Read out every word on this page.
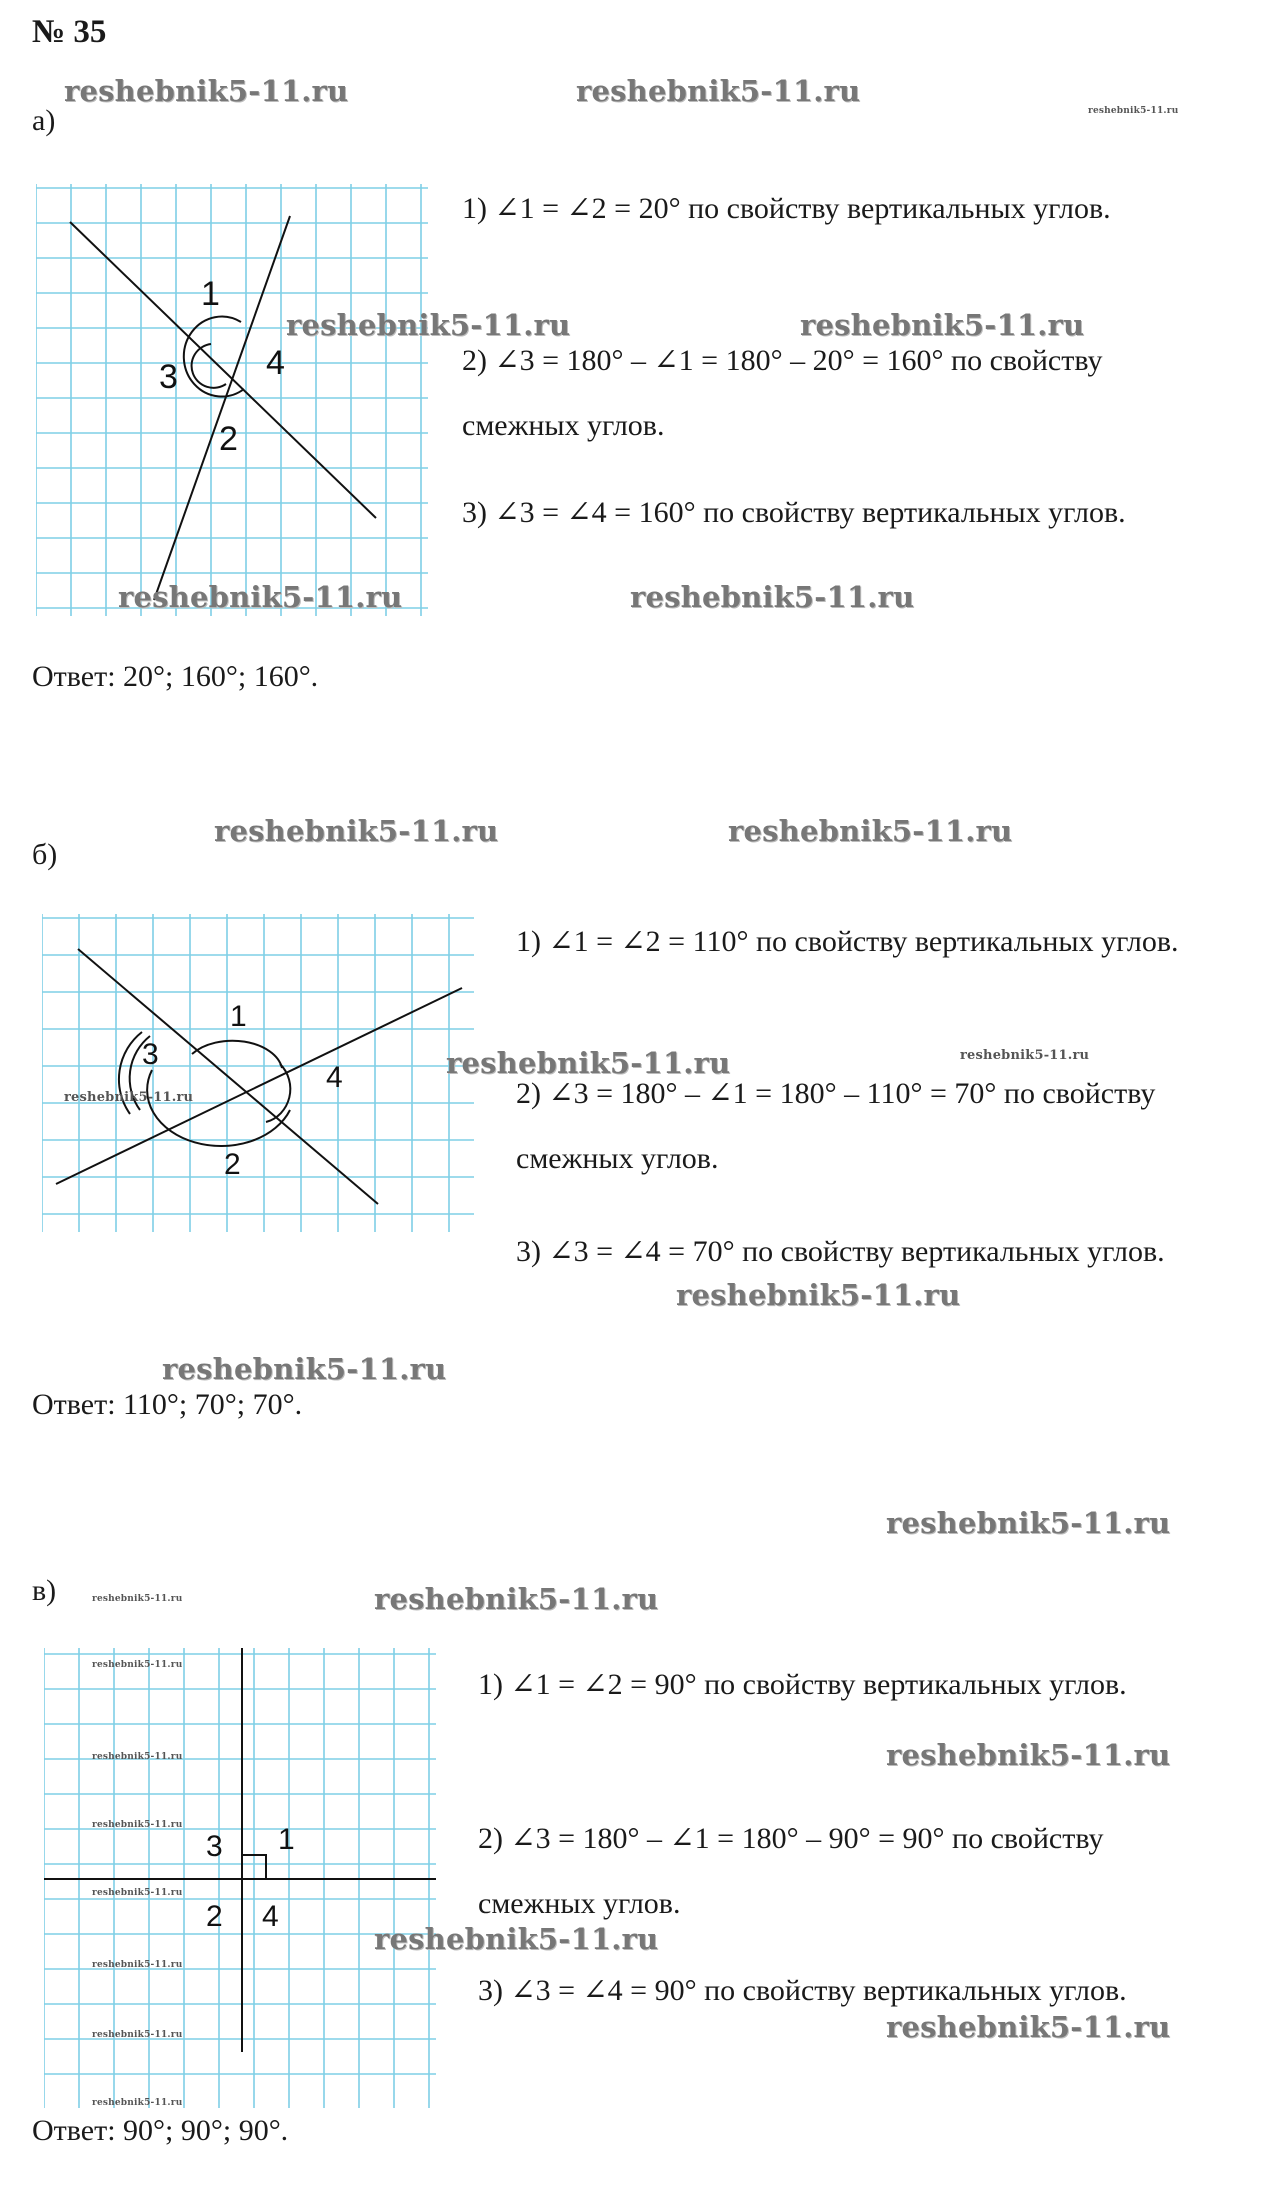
№ 35
а)
1
2
3	4
1) ∠1 = ∠2 = 20° по свойству вертикальных углов.
2) ∠3 = 180° – ∠1 = 180° – 20° = 160° по свойству смежных углов.
3) ∠3 = ∠4 = 160° по свойству вертикальных углов.
Ответ: 20°; 160°; 160°.
б)
1
2
3
4
1) ∠1 = ∠2 = 110° по свойству вертикальных углов.
2) ∠3 = 180° – ∠1 = 180° – 110° = 70° по свойству смежных углов.
3) ∠3 = ∠4 = 70° по свойству вертикальных углов.
Ответ: 110°; 70°; 70°.
в)
1
2
3
4
1) ∠1 = ∠2 = 90° по свойству вертикальных углов.
2) ∠3 = 180° – ∠1 = 180° – 90° = 90° по свойству смежных углов.
3) ∠3 = ∠4 = 90° по свойству вертикальных углов.
Ответ: 90°; 90°; 90°.
reshebnik5-11.ru	reshebnik5-11.ru
reshebnik5-11.ru
reshebnik5-11.ru	reshebnik5-11.ru
reshebnik5-11.ru	reshebnik5-11.ru
reshebnik5-11.ru	reshebnik5-11.ru
reshebnik5-11.ru
reshebnik5-11.ru
reshebnik5-11.ru
reshebnik5-11.ru
reshebnik5-11.ru
reshebnik5-11.ru
reshebnik5-11.ru	reshebnik5-11.ru
reshebnik5-11.ru
reshebnik5-11.ru
reshebnik5-11.ru
reshebnik5-11.ru
reshebnik5-11.ru
reshebnik5-11.ru
reshebnik5-11.ru
reshebnik5-11.ru
reshebnik5-11.ru
reshebnik5-11.ru
